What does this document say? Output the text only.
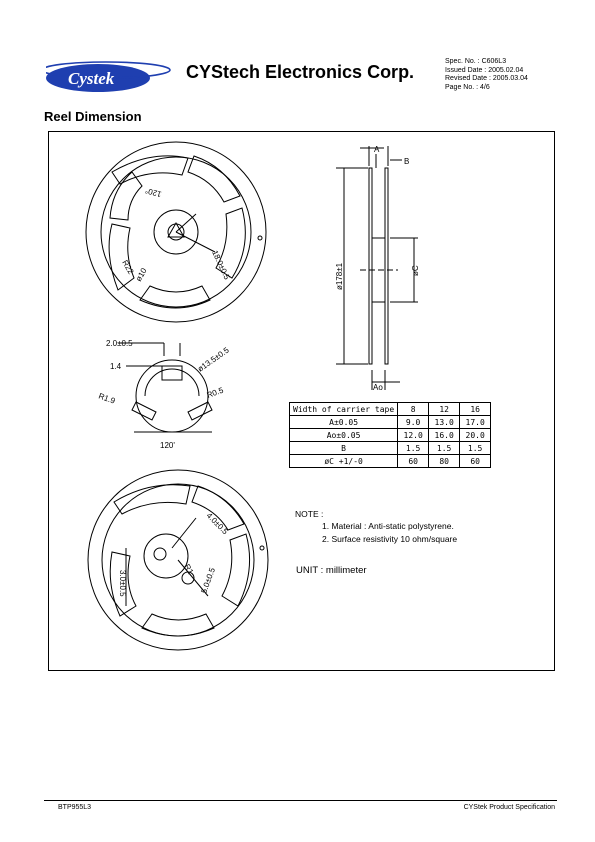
Cystek	CYStech Electronics Corp.
Spec. No. : C606L3
Issued Date : 2005.02.04
Revised Date : 2005.03.04
Page No. : 4/6
Reel Dimension
120°
R22
ø10	18.0±0.5
2.0±0.5
1.4	ø13.5±0.5
R1.9	R0.5
120'
4.0±0.5
R1 5.0±0.5
3.0±0.5
A
B
ø178±1	øC
Ao
Width of carrier tape	8	12	16
A±0.05	9.0	13.0	17.0
Ao±0.05	12.0	16.0	20.0
B	1.5	1.5	1.5
øC +1/-0	60	80	60
NOTE :
1. Material : Anti-static polystyrene.
2. Surface resistivity 10 ohm/square
UNIT : millimeter
BTP955L3	CYStek Product Specification
